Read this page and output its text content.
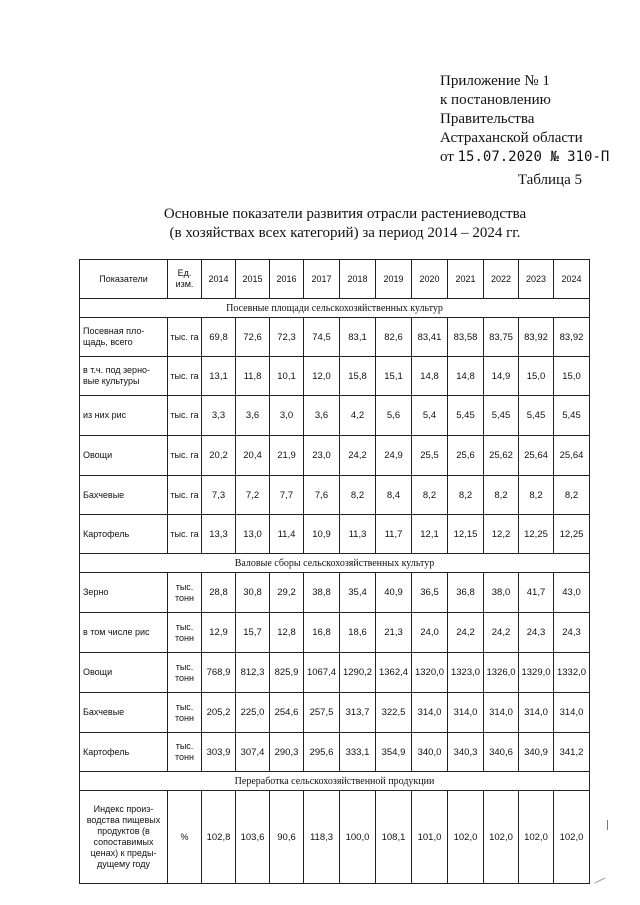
Приложение № 1
к постановлению
Правительства
Астраханской области
от 15.07.2020 № 310-П
Таблица 5
Основные показатели развития отрасли растениеводства
(в хозяйствах всех категорий) за период 2014 – 2024 гг.
Показатели	Ед. изм.	2014	2015	2016	2017	2018	2019	2020	2021	2022	2023	2024
Посевные площади сельскохозяйственных культур												
Посевная пло-щадь, всего	тыс. га	69,8	72,6	72,3	74,5	83,1	82,6	83,41	83,58	83,75	83,92	83,92
в т.ч. под зерно-вые культуры	тыс. га	13,1	11,8	10,1	12,0	15,8	15,1	14,8	14,8	14,9	15,0	15,0
из них рис	тыс. га	3,3	3,6	3,0	3,6	4,2	5,6	5,4	5,45	5,45	5,45	5,45
Овощи	тыс. га	20,2	20,4	21,9	23,0	24,2	24,9	25,5	25,6	25,62	25,64	25,64
Бахчевые	тыс. га	7,3	7,2	7,7	7,6	8,2	8,4	8,2	8,2	8,2	8,2	8,2
Картофель	тыс. га	13,3	13,0	11,4	10,9	11,3	11,7	12,1	12,15	12,2	12,25	12,25
Валовые сборы сельскохозяйственных культур												
Зерно	тыс. тонн	28,8	30,8	29,2	38,8	35,4	40,9	36,5	36,8	38,0	41,7	43,0
в том числе рис	тыс. тонн	12,9	15,7	12,8	16,8	18,6	21,3	24,0	24,2	24,2	24,3	24,3
Овощи	тыс. тонн	768,9	812,3	825,9	1067,4	1290,2	1362,4	1320,0	1323,0	1326,0	1329,0	1332,0
Бахчевые	тыс. тонн	205,2	225,0	254,6	257,5	313,7	322,5	314,0	314,0	314,0	314,0	314,0
Картофель	тыс. тонн	303,9	307,4	290,3	295,6	333,1	354,9	340,0	340,3	340,6	340,9	341,2
Переработка сельскохозяйственной продукции												
Индекс произ-водства пищевых продуктов (в сопоставимых ценах) к преды-дущему году	%	102,8	103,6	90,6	118,3	100,0	108,1	101,0	102,0	102,0	102,0	102,0
